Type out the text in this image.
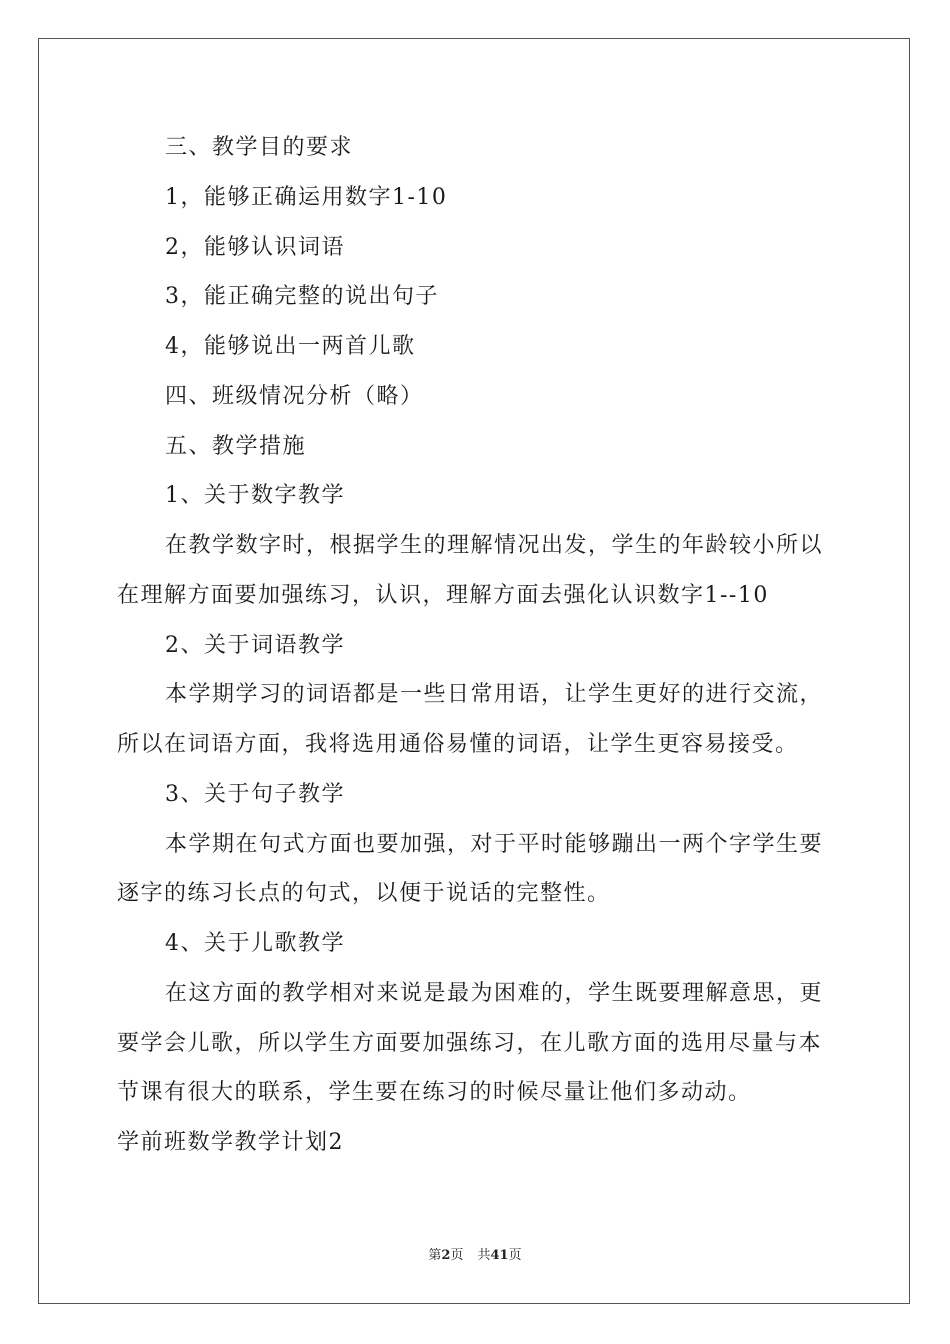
三、教学目的要求
1，能够正确运用数字1-10
2，能够认识词语
3，能正确完整的说出句子
4，能够说出一两首儿歌
四、班级情况分析（略）
五、教学措施
1、关于数字教学
在教学数字时，根据学生的理解情况出发，学生的年龄较小所以
在理解方面要加强练习，认识，理解方面去强化认识数字1--10
2、关于词语教学
本学期学习的词语都是一些日常用语，让学生更好的进行交流，
所以在词语方面，我将选用通俗易懂的词语，让学生更容易接受。
3、关于句子教学
本学期在句式方面也要加强，对于平时能够蹦出一两个字学生要
逐字的练习长点的句式，以便于说话的完整性。
4、关于儿歌教学
在这方面的教学相对来说是最为困难的，学生既要理解意思，更
要学会儿歌，所以学生方面要加强练习，在儿歌方面的选用尽量与本
节课有很大的联系，学生要在练习的时候尽量让他们多动动。
学前班数学教学计划2
第2页 共41页
